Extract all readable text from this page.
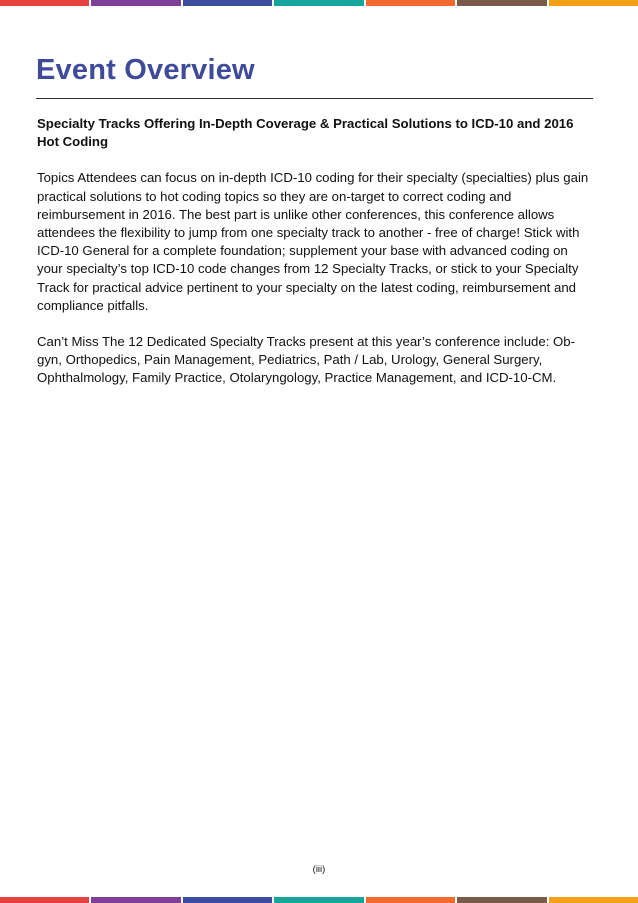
Event Overview

Specialty Tracks Offering In-Depth Coverage & Practical Solutions to ICD-10 and 2016 Hot Coding

Topics Attendees can focus on in-depth ICD-10 coding for their specialty (specialties) plus gain practical solutions to hot coding topics so they are on-target to correct coding and reimbursement in 2016. The best part is unlike other conferences, this conference allows attendees the flexibility to jump from one specialty track to another - free of charge! Stick with ICD-10 General for a complete foundation; supplement your base with advanced coding on your specialty’s top ICD-10 code changes from 12 Specialty Tracks, or stick to your Specialty Track for practical advice pertinent to your specialty on the latest coding, reimbursement and compliance pitfalls.

Can’t Miss The 12 Dedicated Specialty Tracks present at this year’s conference include: Ob-gyn, Orthopedics, Pain Management, Pediatrics, Path / Lab, Urology, General Surgery, Ophthalmology, Family Practice, Otolaryngology, Practice Management, and ICD-10-CM.

(iii)
